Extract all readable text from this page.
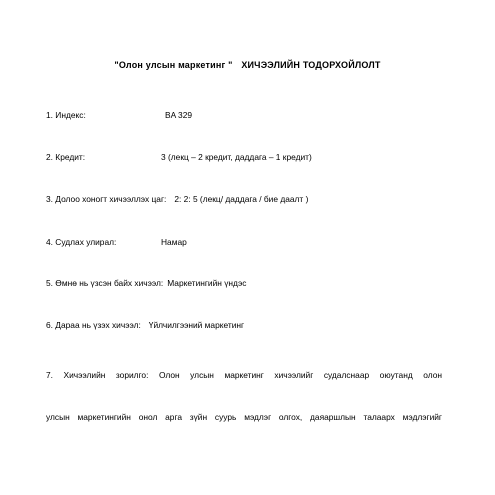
"Олон улсын маркетинг " ХИЧЭЭЛИЙН ТОДОРХОЙЛОЛТ
1. Индекс:	BA 329
2. Кредит:	3 (лекц – 2 кредит, даддага – 1 кредит)
3. Долоо хоногт хичээллэх цаг: 2: 2: 5 (лекц/ даддага / бие даалт )
4. Судлах улирал:	Намар
5. Өмнө нь үзсэн байх хичээл: Маркетингийн үндэс
6. Дараа нь үзэх хичээл: Үйлчилгээний маркетинг
7. Хичээлийн зорилго: Олон улсын маркетинг хичээлийг судалснаар оюутанд олон
улсын маркетингийн онол арга зүйн суурь мэдлэг олгох, даяаршлын талаарх мэдлэгийг
